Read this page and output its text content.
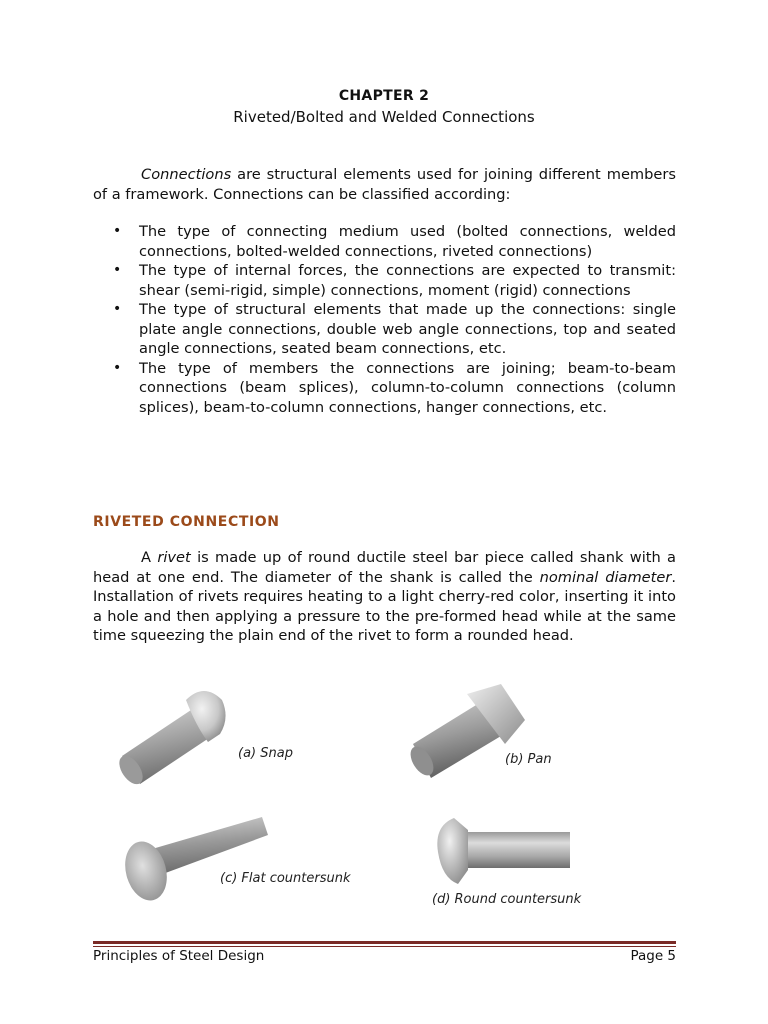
CHAPTER 2
Riveted/Bolted and Welded Connections
Connections are structural elements used for joining different members of a framework. Connections can be classified according:
• The type of connecting medium used (bolted connections, welded connections, bolted-welded connections, riveted connections)
• The type of internal forces, the connections are expected to transmit: shear (semi-rigid, simple) connections, moment (rigid) connections
• The type of structural elements that made up the connections: single plate angle connections, double web angle connections, top and seated angle connections, seated beam connections, etc.
• The type of members the connections are joining; beam-to-beam connections (beam splices), column-to-column connections (column splices), beam-to-column connections, hanger connections, etc.
RIVETED CONNECTION
A rivet is made up of round ductile steel bar piece called shank with a head at one end. The diameter of the shank is called the nominal diameter. Installation of rivets requires heating to a light cherry-red color, inserting it into a hole and then applying a pressure to the pre-formed head while at the same time squeezing the plain end of the rivet to form a rounded head.
(a) Snap	(b) Pan
(c) Flat countersunk
(d) Round countersunk
Principles of Steel Design	Page 5
